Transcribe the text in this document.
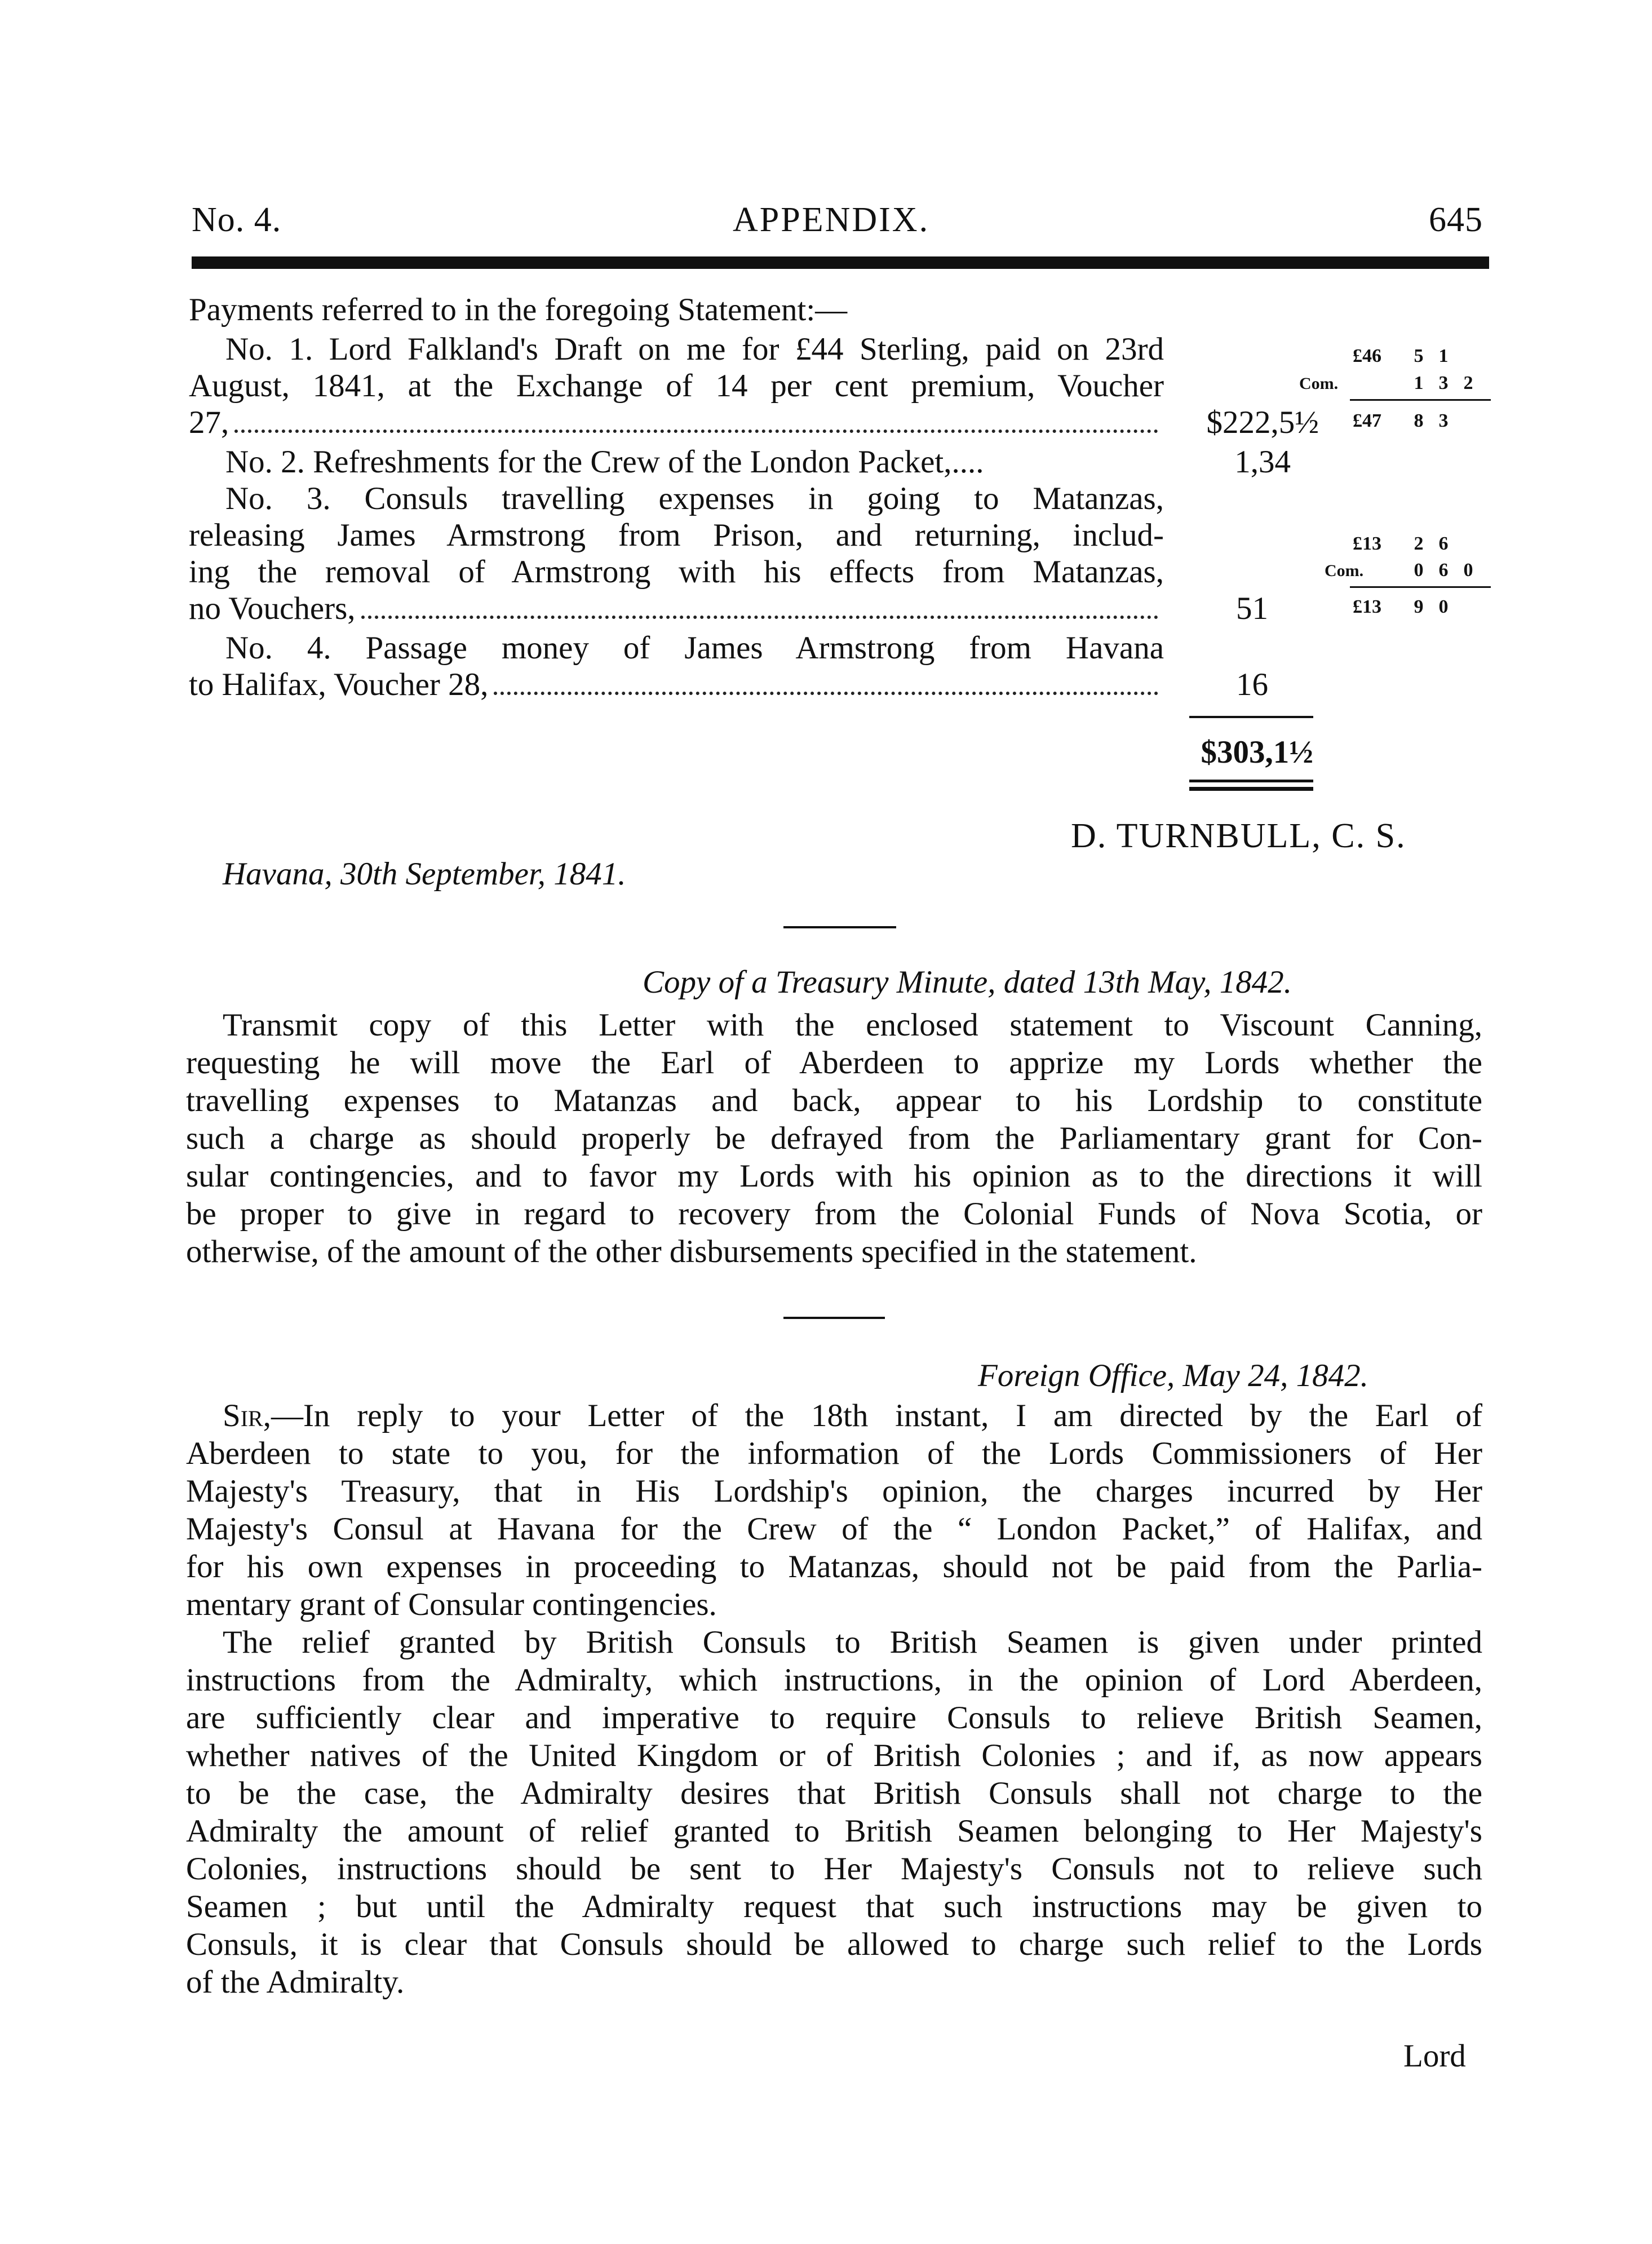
No. 4.	APPENDIX.	645
Payments referred to in the foregoing Statement:—
No. 1. Lord Falkland's Draft on me for £44 Sterling, paid on 23rd
August, 1841, at the Exchange of 14 per cent premium, Voucher
27,	$222,5½
£46 5 1
Com.	1 3 2
£47 8 3
No. 2. Refreshments for the Crew of the London Packet,....	1,34
No. 3. Consuls travelling expenses in going to Matanzas,
releasing James Armstrong from Prison, and returning, includ-
ing the removal of Armstrong with his effects from Matanzas,
no Vouchers,	51
£13 2 6
Com.	0 6 0
£13 9 0
No. 4. Passage money of James Armstrong from Havana
to Halifax, Voucher 28,	16
$303,1½
D. TURNBULL, C. S.
Havana, 30th September, 1841.
Copy of a Treasury Minute, dated 13th May, 1842.
Transmit copy of this Letter with the enclosed statement to Viscount Canning,
requesting he will move the Earl of Aberdeen to apprize my Lords whether the
travelling expenses to Matanzas and back, appear to his Lordship to constitute
such a charge as should properly be defrayed from the Parliamentary grant for Con-
sular contingencies, and to favor my Lords with his opinion as to the directions it will
be proper to give in regard to recovery from the Colonial Funds of Nova Scotia, or
otherwise, of the amount of the other disbursements specified in the statement.
Foreign Office, May 24, 1842.
Sir,—In reply to your Letter of the 18th instant, I am directed by the Earl of
Aberdeen to state to you, for the information of the Lords Commissioners of Her
Majesty's Treasury, that in His Lordship's opinion, the charges incurred by Her
Majesty's Consul at Havana for the Crew of the “ London Packet,” of Halifax, and
for his own expenses in proceeding to Matanzas, should not be paid from the Parlia-
mentary grant of Consular contingencies.
The relief granted by British Consuls to British Seamen is given under printed
instructions from the Admiralty, which instructions, in the opinion of Lord Aberdeen,
are sufficiently clear and imperative to require Consuls to relieve British Seamen,
whether natives of the United Kingdom or of British Colonies ; and if, as now appears
to be the case, the Admiralty desires that British Consuls shall not charge to the
Admiralty the amount of relief granted to British Seamen belonging to Her Majesty's
Colonies, instructions should be sent to Her Majesty's Consuls not to relieve such
Seamen ; but until the Admiralty request that such instructions may be given to
Consuls, it is clear that Consuls should be allowed to charge such relief to the Lords
of the Admiralty.
Lord
